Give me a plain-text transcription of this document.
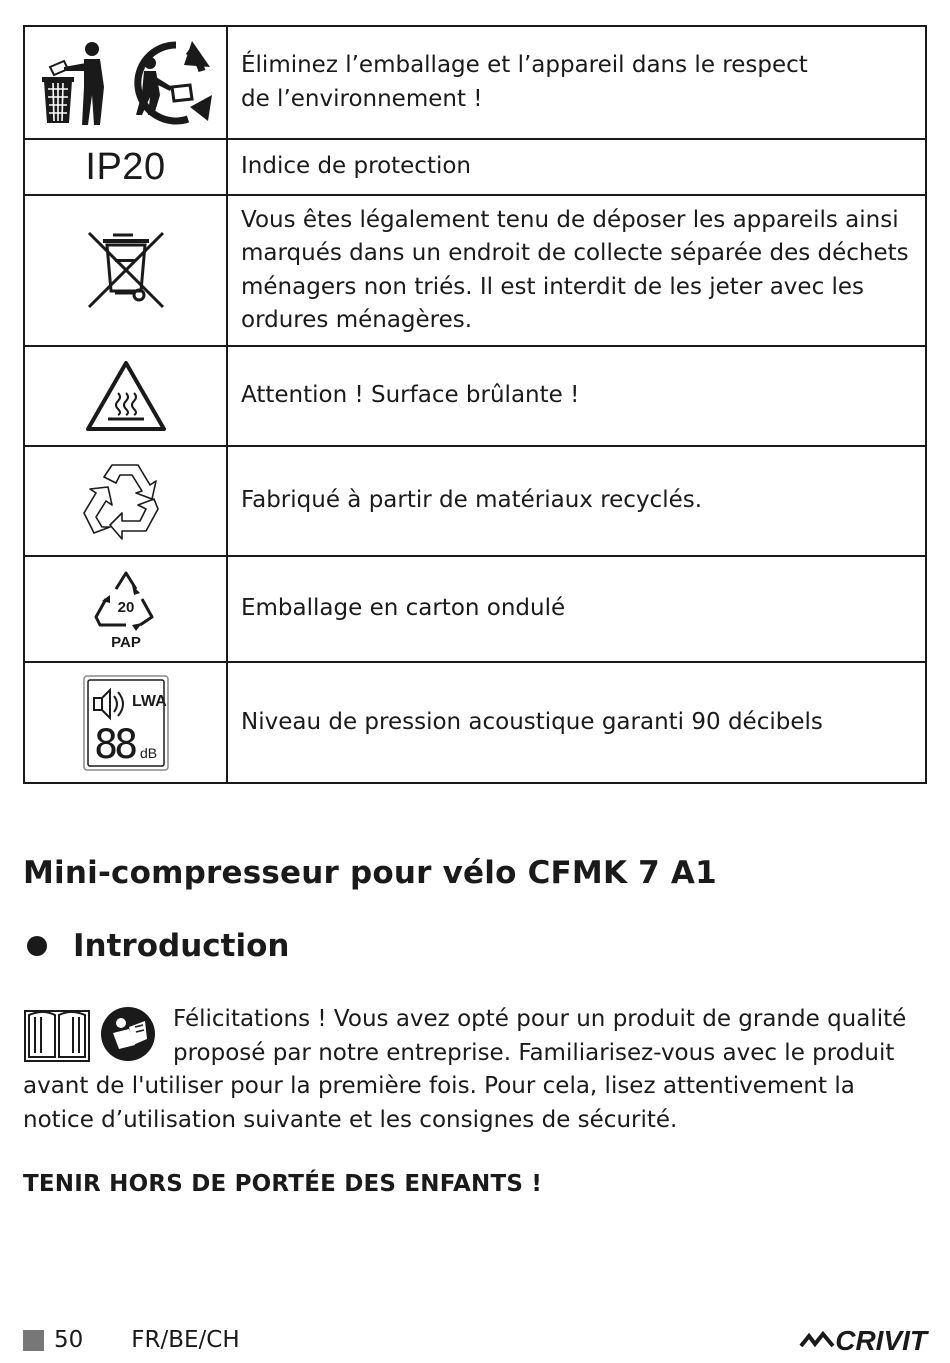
Éliminez l’emballage et l’appareil dans le respect
de l’environnement !

IP20	Indice de protection

Vous êtes légalement tenu de déposer les appareils ainsi
marqués dans un endroit de collecte séparée des déchets
ménagers non triés. Il est interdit de les jeter avec les
ordures ménagères.

Attention ! Surface brûlante !

Fabriqué à partir de matériaux recyclés.

20
PAP	Emballage en carton ondulé

LWA
88 dB	Niveau de pression acoustique garanti 90 décibels
Mini-compresseur pour vélo CFMK 7 A1
Introduction
Félicitations ! Vous avez opté pour un produit de grande qualité proposé par notre entreprise. Familiarisez-vous avec le produit avant de l'utiliser pour la première fois. Pour cela, lisez attentivement la notice d’utilisation suivante et les consignes de sécurité.

TENIR HORS DE PORTÉE DES ENFANTS !

50 FR/BE/CH	CRIVIT
